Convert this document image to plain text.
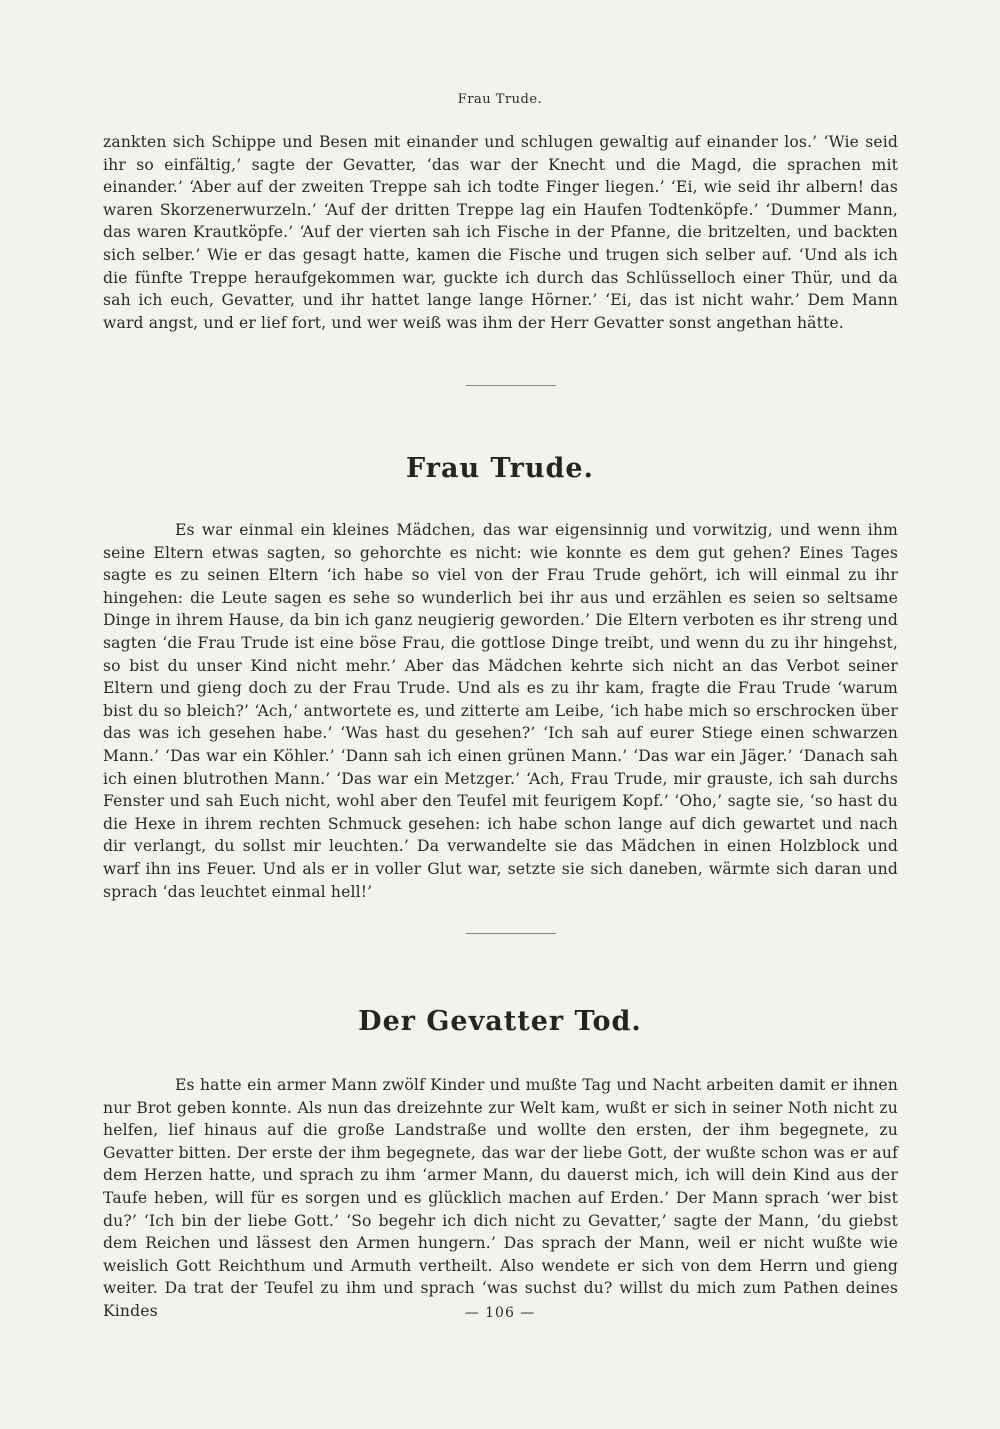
Frau Trude.

zankten sich Schippe und Besen mit einander und schlugen gewaltig auf einander los.’ ‘Wie seid ihr so einfältig,’ sagte der Gevatter, ‘das war der Knecht und die Magd, die sprachen mit einander.’ ‘Aber auf der zweiten Treppe sah ich todte Finger liegen.’ ‘Ei, wie seid ihr albern! das waren Skorzenerwurzeln.’ ‘Auf der dritten Treppe lag ein Haufen Todtenköpfe.’ ‘Dummer Mann, das waren Krautköpfe.’ ‘Auf der vierten sah ich Fische in der Pfanne, die britzelten, und backten sich selber.’ Wie er das gesagt hatte, kamen die Fische und trugen sich selber auf. ‘Und als ich die fünfte Treppe heraufgekommen war, guckte ich durch das Schlüsselloch einer Thür, und da sah ich euch, Gevatter, und ihr hattet lange lange Hörner.’ ‘Ei, das ist nicht wahr.’ Dem Mann ward angst, und er lief fort, und wer weiß was ihm der Herr Gevatter sonst angethan hätte.

Frau Trude.

Es war einmal ein kleines Mädchen, das war eigensinnig und vorwitzig, und wenn ihm seine Eltern etwas sagten, so gehorchte es nicht: wie konnte es dem gut gehen? Eines Tages sagte es zu seinen Eltern ‘ich habe so viel von der Frau Trude gehört, ich will einmal zu ihr hingehen: die Leute sagen es sehe so wunderlich bei ihr aus und erzählen es seien so seltsame Dinge in ihrem Hause, da bin ich ganz neugierig geworden.’ Die Eltern verboten es ihr streng und sagten ‘die Frau Trude ist eine böse Frau, die gottlose Dinge treibt, und wenn du zu ihr hingehst, so bist du unser Kind nicht mehr.’ Aber das Mädchen kehrte sich nicht an das Verbot seiner Eltern und gieng doch zu der Frau Trude. Und als es zu ihr kam, fragte die Frau Trude ‘warum bist du so bleich?’ ‘Ach,’ antwortete es, und zitterte am Leibe, ‘ich habe mich so erschrocken über das was ich gesehen habe.’ ‘Was hast du gesehen?’ ‘Ich sah auf eurer Stiege einen schwarzen Mann.’ ‘Das war ein Köhler.’ ‘Dann sah ich einen grünen Mann.’ ‘Das war ein Jäger.’ ‘Danach sah ich einen blutrothen Mann.’ ‘Das war ein Metzger.’ ‘Ach, Frau Trude, mir grauste, ich sah durchs Fenster und sah Euch nicht, wohl aber den Teufel mit feurigem Kopf.’ ‘Oho,’ sagte sie, ‘so hast du die Hexe in ihrem rechten Schmuck gesehen: ich habe schon lange auf dich gewartet und nach dir verlangt, du sollst mir leuchten.’ Da verwandelte sie das Mädchen in einen Holzblock und warf ihn ins Feuer. Und als er in voller Glut war, setzte sie sich daneben, wärmte sich daran und sprach ‘das leuchtet einmal hell!’

Der Gevatter Tod.

Es hatte ein armer Mann zwölf Kinder und mußte Tag und Nacht arbeiten damit er ihnen nur Brot geben konnte. Als nun das dreizehnte zur Welt kam, wußt er sich in seiner Noth nicht zu helfen, lief hinaus auf die große Landstraße und wollte den ersten, der ihm begegnete, zu Gevatter bitten. Der erste der ihm begegnete, das war der liebe Gott, der wußte schon was er auf dem Herzen hatte, und sprach zu ihm ‘armer Mann, du dauerst mich, ich will dein Kind aus der Taufe heben, will für es sorgen und es glücklich machen auf Erden.’ Der Mann sprach ‘wer bist du?’ ‘Ich bin der liebe Gott.’ ‘So begehr ich dich nicht zu Gevatter,’ sagte der Mann, ‘du giebst dem Reichen und lässest den Armen hungern.’ Das sprach der Mann, weil er nicht wußte wie weislich Gott Reichthum und Armuth vertheilt. Also wendete er sich von dem Herrn und gieng weiter. Da trat der Teufel zu ihm und sprach ‘was suchst du? willst du mich zum Pathen deines Kindes	— 106 —
